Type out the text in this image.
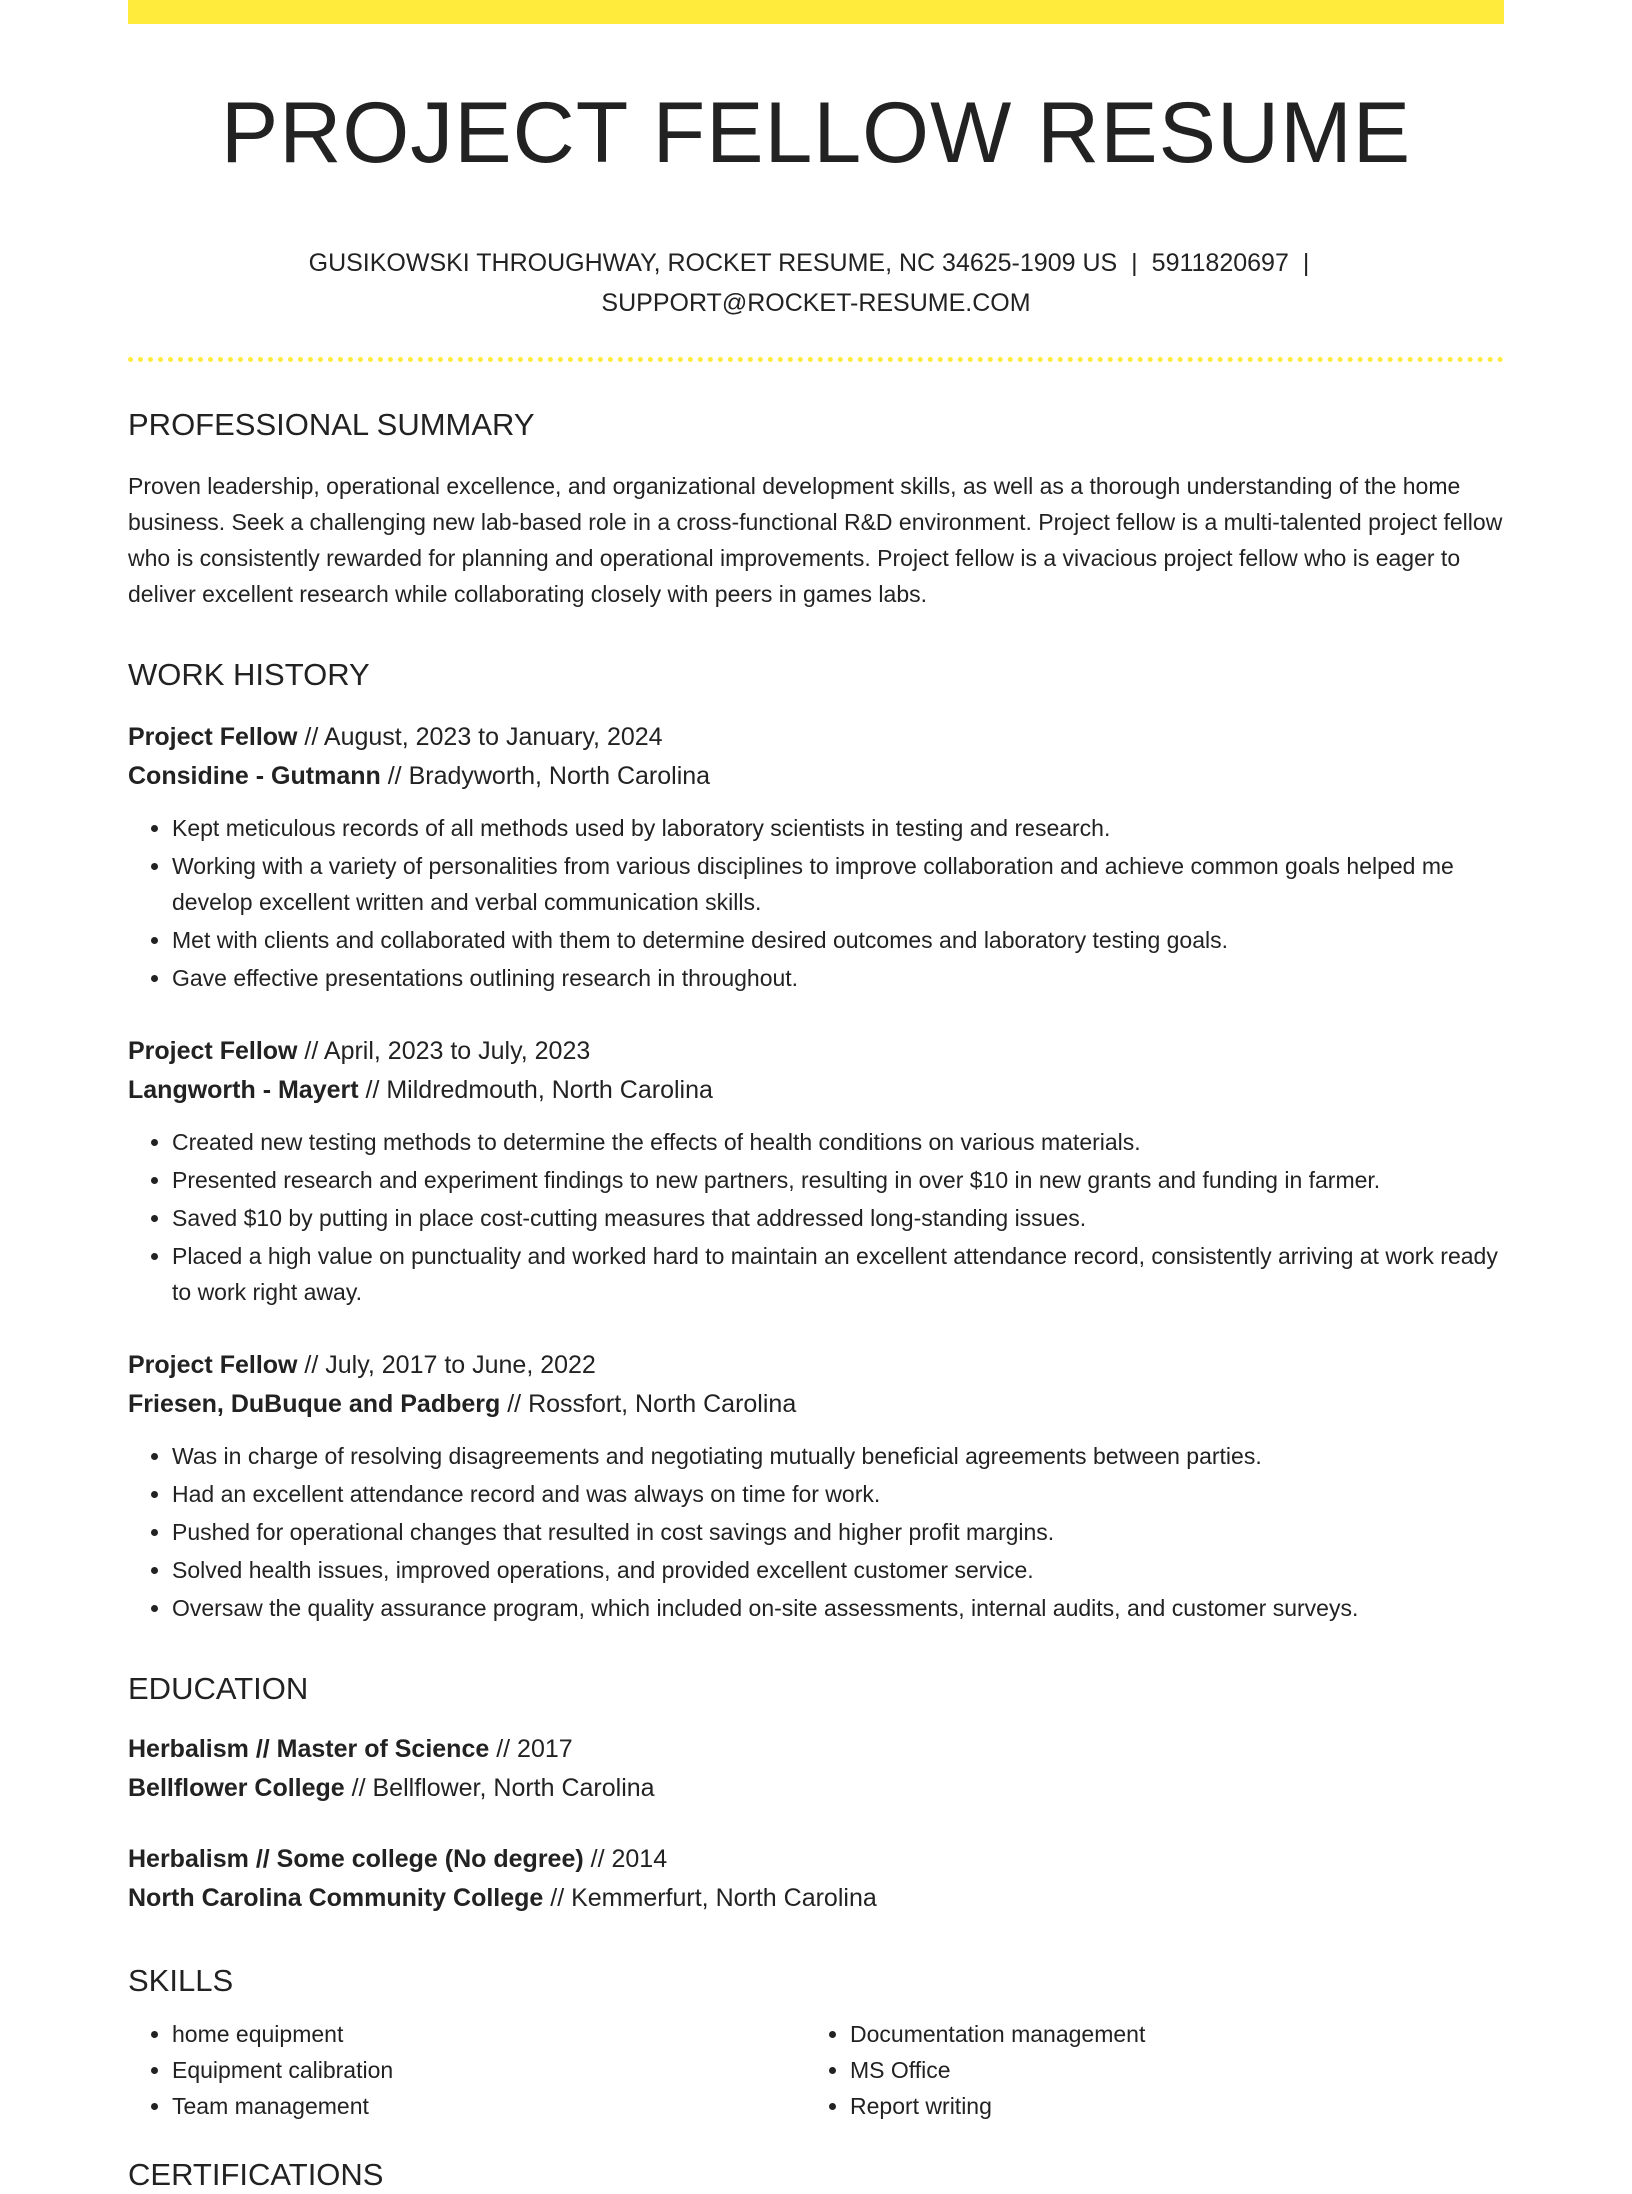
PROJECT FELLOW RESUME
GUSIKOWSKI THROUGHWAY, ROCKET RESUME, NC 34625-1909 US | 5911820697 |
SUPPORT@ROCKET-RESUME.COM
PROFESSIONAL SUMMARY

Proven leadership, operational excellence, and organizational development skills, as well as a thorough understanding of the home business. Seek a challenging new lab-based role in a cross-functional R&D environment. Project fellow is a multi-talented project fellow who is consistently rewarded for planning and operational improvements. Project fellow is a vivacious project fellow who is eager to deliver excellent research while collaborating closely with peers in games labs.

WORK HISTORY
Project Fellow // August, 2023 to January, 2024
Considine - Gutmann // Bradyworth, North Carolina
• Kept meticulous records of all methods used by laboratory scientists in testing and research.
• Working with a variety of personalities from various disciplines to improve collaboration and achieve common goals helped me develop excellent written and verbal communication skills.
• Met with clients and collaborated with them to determine desired outcomes and laboratory testing goals.
• Gave effective presentations outlining research in throughout.
Project Fellow // April, 2023 to July, 2023
Langworth - Mayert // Mildredmouth, North Carolina
• Created new testing methods to determine the effects of health conditions on various materials.
• Presented research and experiment findings to new partners, resulting in over $10 in new grants and funding in farmer.
• Saved $10 by putting in place cost-cutting measures that addressed long-standing issues.
• Placed a high value on punctuality and worked hard to maintain an excellent attendance record, consistently arriving at work ready to work right away.
Project Fellow // July, 2017 to June, 2022
Friesen, DuBuque and Padberg // Rossfort, North Carolina
• Was in charge of resolving disagreements and negotiating mutually beneficial agreements between parties.
• Had an excellent attendance record and was always on time for work.
• Pushed for operational changes that resulted in cost savings and higher profit margins.
• Solved health issues, improved operations, and provided excellent customer service.
• Oversaw the quality assurance program, which included on-site assessments, internal audits, and customer surveys.
EDUCATION
Herbalism // Master of Science // 2017
Bellflower College // Bellflower, North Carolina
Herbalism // Some college (No degree) // 2014
North Carolina Community College // Kemmerfurt, North Carolina
SKILLS
• home equipment
• Equipment calibration
• Team management
• Documentation management
• MS Office
• Report writing
CERTIFICATIONS
